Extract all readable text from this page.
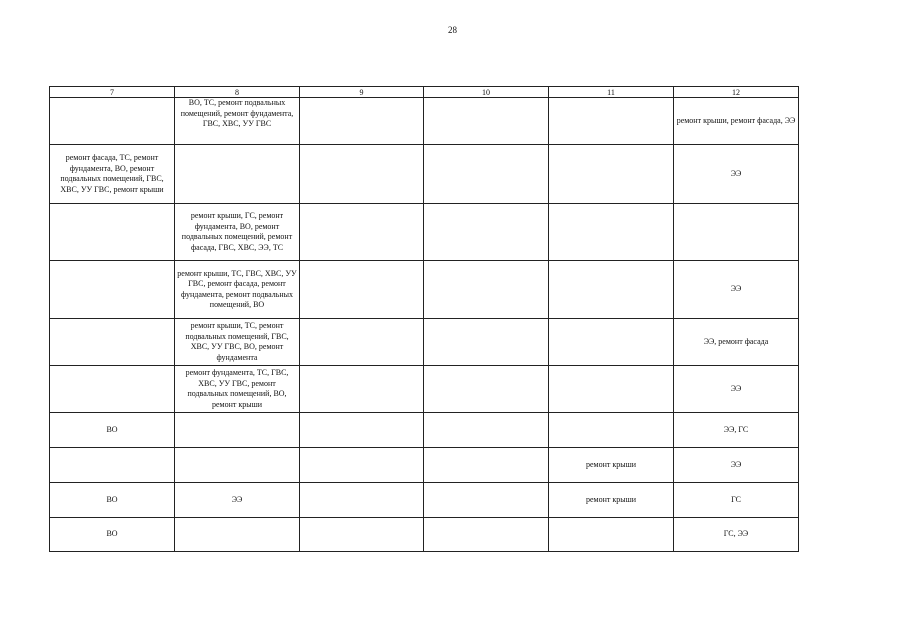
28
7	8	9	10	11	12
	ВО, ТС, ремонт подвальных помещений, ремонт фундамента, ГВС, ХВС, УУ ГВС				ремонт крыши, ремонт фасада, ЭЭ
ремонт фасада, ТС, ремонт фундамента, ВО, ремонт подвальных помещений, ГВС, ХВС, УУ ГВС, ремонт крыши					ЭЭ
	ремонт крыши, ГС, ремонт фундамента, ВО, ремонт подвальных помещений, ремонт фасада, ГВС, ХВС, ЭЭ, ТС				
	ремонт крыши, ТС, ГВС, ХВС, УУ ГВС, ремонт фасада, ремонт фундамента, ремонт подвальных помещений, ВО				ЭЭ
	ремонт крыши, ТС, ремонт подвальных помещений, ГВС, ХВС, УУ ГВС, ВО, ремонт фундамента				ЭЭ, ремонт фасада
	ремонт фундамента, ТС, ГВС, ХВС, УУ ГВС, ремонт подвальных помещений, ВО, ремонт крыши				ЭЭ
ВО					ЭЭ, ГС
				ремонт крыши	ЭЭ
ВО	ЭЭ			ремонт крыши	ГС
ВО					ГС, ЭЭ
